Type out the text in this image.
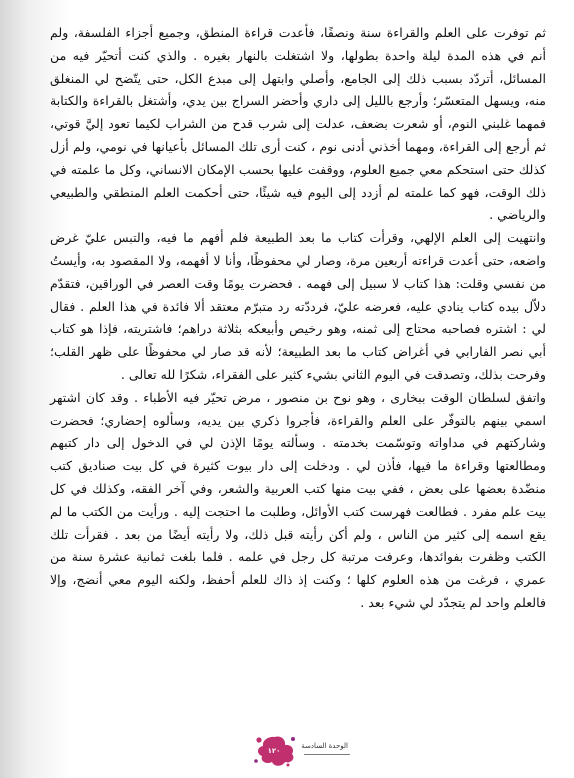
ثم توفرت على العلم والقراءة سنة ونصفًا، فأعدت قراءة المنطق، وجميع أجزاء الفلسفة، ولم أنم في هذه المدة ليلة واحدة بطولها، ولا اشتغلت بالنهار بغيره . والذي كنت أتحيّر فيه من المسائل، أتردّد بسبب ذلك إلى الجامع، وأصلي وابتهل إلى مبدع الكل، حتى يتّضح لي المنغلق منه، ويسهل المتعسّر؛ وأرجع بالليل إلى داري وأحضر السراج بين يدي، وأشتغل بالقراءة والكتابة فمهما غلبني النوم، أو شعرت بضعف، عدلت إلى شرب قدح من الشراب لكيما تعود إليَّ قوتي، ثم أرجع إلى القراءة، ومهما أخذني أدنى نوم ، كنت أرى تلك المسائل بأعيانها في نومي، ولم أزل كذلك حتى استحكم معي جميع العلوم، ووقفت عليها بحسب الإمكان الانساني، وكل ما علمته في ذلك الوقت، فهو كما علمته لم أزدد إلى اليوم فيه شيئًا، حتى أحكمت العلم المنطقي والطبيعي والرياضي .

وانتهيت إلى العلم الإلهي، وقرأت كتاب ما بعد الطبيعة فلم أفهم ما فيه، والتبس عليّ غرض واضعه، حتى أعدت قراءته أربعين مرة، وصار لي محفوظًا، وأنا لا أفهمه، ولا المقصود به، وأيستُ من نفسي وقلت: هذا كتاب لا سبيل إلى فهمه . فحضرت يومًا وقت العصر في الوراقين، فتقدّم دلاّل بيده كتاب ينادي عليه، فعرضه عليّ، فرددّته رد متبرّم معتقد ألا فائدة في هذا العلم . فقال لي : اشتره فصاحبه محتاج إلى ثمنه، وهو رخيص وأبيعكه بثلاثة دراهم؛ فاشتريته، فإذا هو كتاب أبي نصر الفارابي في أغراض كتاب ما بعد الطبيعة؛ لأنه قد صار لي محفوظًا على ظهر القلب؛ وفرحت بذلك، وتصدقت في اليوم الثاني بشيء كثير على الفقراء، شكرًا لله تعالى .

واتفق لسلطان الوقت ببخارى ، وهو نوح بن منصور ، مرض تحيّر فيه الأطباء . وقد كان اشتهر اسمي بينهم بالتوفّر على العلم والقراءة، فأجروا ذكري بين يديه، وسألوه إحضاري؛ فحضرت وشاركتهم في مداواته وتوسّمت بخدمته . وسألته يومًا الإذن لي في الدخول إلى دار كتبهم ومطالعتها وقراءة ما فيها، فأذن لي . ودخلت إلى دار بيوت كثيرة في كل بيت صناديق كتب منضّدة بعضها على بعض ، ففي بيت منها كتب العربية والشعر، وفي آخر الفقه، وكذلك في كل بيت علم مفرد . فطالعت فهرست كتب الأوائل، وطلبت ما احتجت إليه . ورأيت من الكتب ما لم يقع اسمه إلى كثير من الناس ، ولم أكن رأيته قبل ذلك، ولا رأيته أيضًا من بعد . فقرأت تلك الكتب وظفرت بفوائدها، وعرفت مرتبة كل رجل في علمه . فلما بلغت ثمانية عشرة سنة من عمري ، فرغت من هذه العلوم كلها ؛ وكنت إذ ذاك للعلم أحفظ، ولكنه اليوم معي أنضج، وإلا فالعلم واحد لم يتجدّد لي شيء بعد .

الوحدة السادسة
١٢٠
